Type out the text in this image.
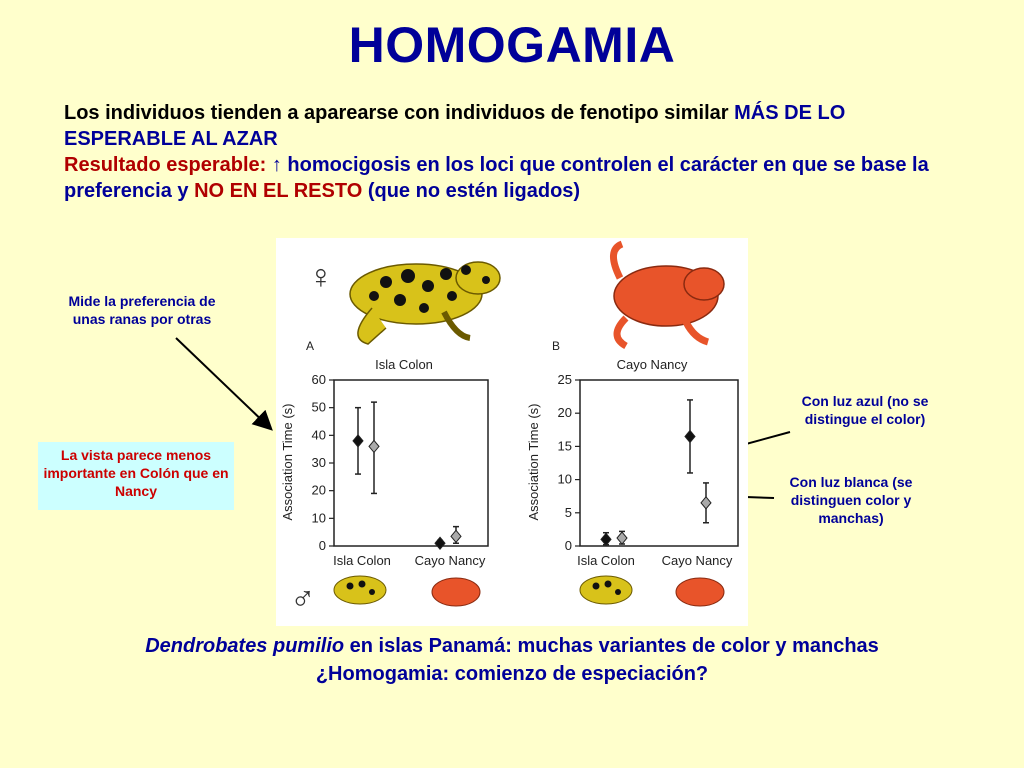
HOMOGAMIA
Los individuos tienden a aparearse con individuos de fenotipo similar MÁS DE LO ESPERABLE AL AZAR
Resultado esperable: ↑ homocigosis en los loci que controlen el carácter en que se base la preferencia y NO EN EL RESTO (que no estén ligados)
Mide la preferencia de unas ranas por otras
La vista parece menos importante en Colón que en Nancy
Con luz azul (no se distingue el color)
Con luz blanca (se distinguen color y manchas)
♀
♂
A
Isla Colon
B
Cayo Nancy
Association Time (s)	Association Time (s)
Isla Colon Cayo Nancy	Isla Colon Cayo Nancy
0
10
20
30
40
50
60
0
5
10
15
20
25
Dendrobates pumilio en islas Panamá: muchas variantes de color y manchas
¿Homogamia: comienzo de especiación?
